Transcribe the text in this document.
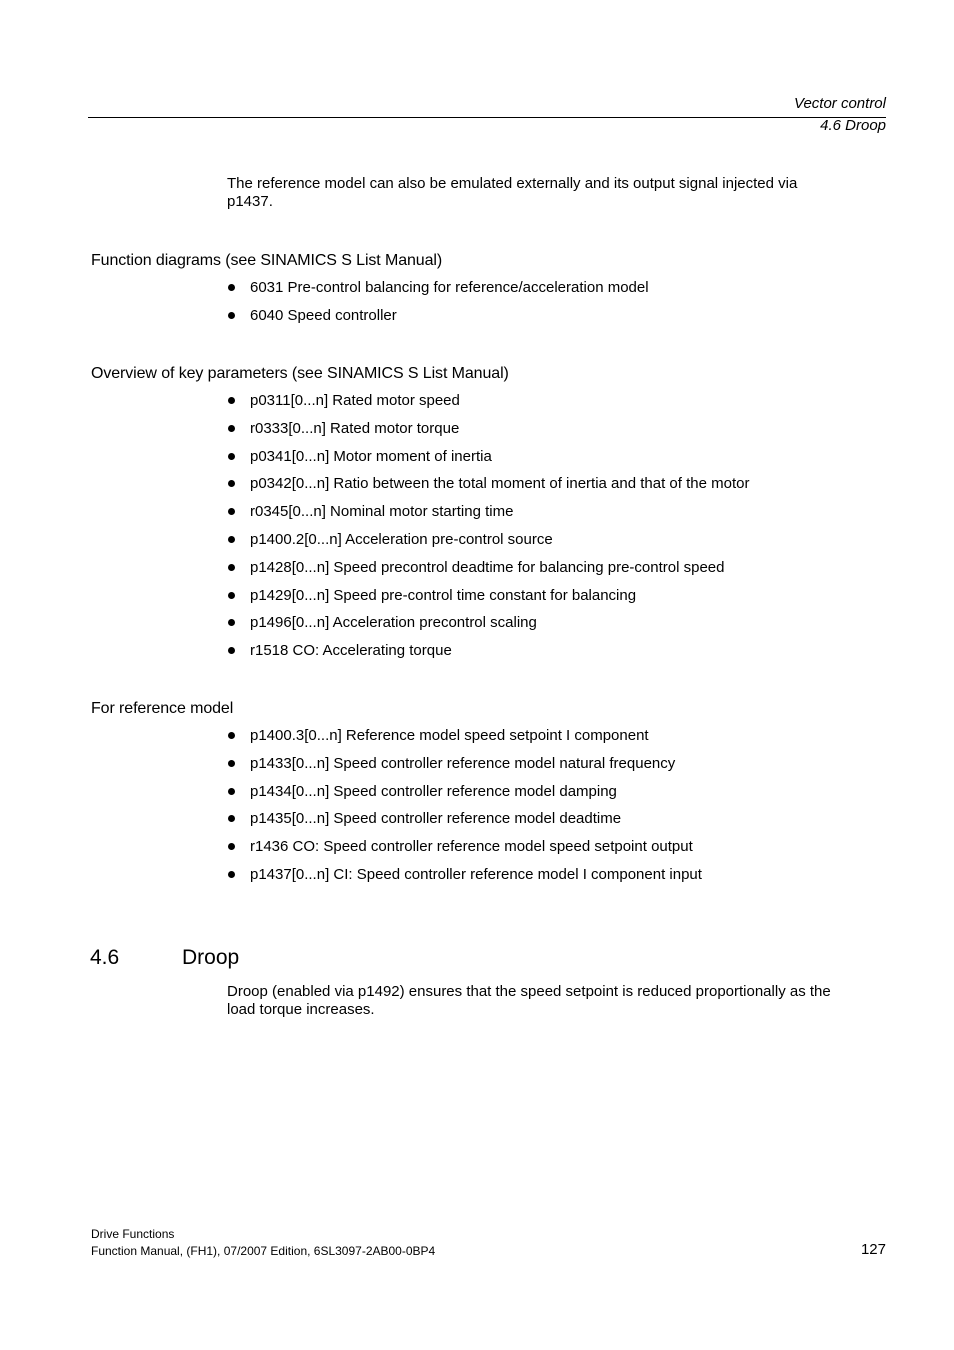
Vector control
4.6 Droop
The reference model can also be emulated externally and its output signal injected via
p1437.
Function diagrams (see SINAMICS S List Manual)
6031 Pre-control balancing for reference/acceleration model
6040 Speed controller
Overview of key parameters (see SINAMICS S List Manual)
p0311[0...n] Rated motor speed
r0333[0...n] Rated motor torque
p0341[0...n] Motor moment of inertia
p0342[0...n] Ratio between the total moment of inertia and that of the motor
r0345[0...n] Nominal motor starting time
p1400.2[0...n] Acceleration pre-control source
p1428[0...n] Speed precontrol deadtime for balancing pre-control speed
p1429[0...n] Speed pre-control time constant for balancing
p1496[0...n] Acceleration precontrol scaling
r1518 CO: Accelerating torque
For reference model
p1400.3[0...n] Reference model speed setpoint I component
p1433[0...n] Speed controller reference model natural frequency
p1434[0...n] Speed controller reference model damping
p1435[0...n] Speed controller reference model deadtime
r1436 CO: Speed controller reference model speed setpoint output
p1437[0...n] CI: Speed controller reference model I component input
4.6	Droop
Droop (enabled via p1492) ensures that the speed setpoint is reduced proportionally as the
load torque increases.
Drive Functions
Function Manual, (FH1), 07/2007 Edition, 6SL3097-2AB00-0BP4	127
